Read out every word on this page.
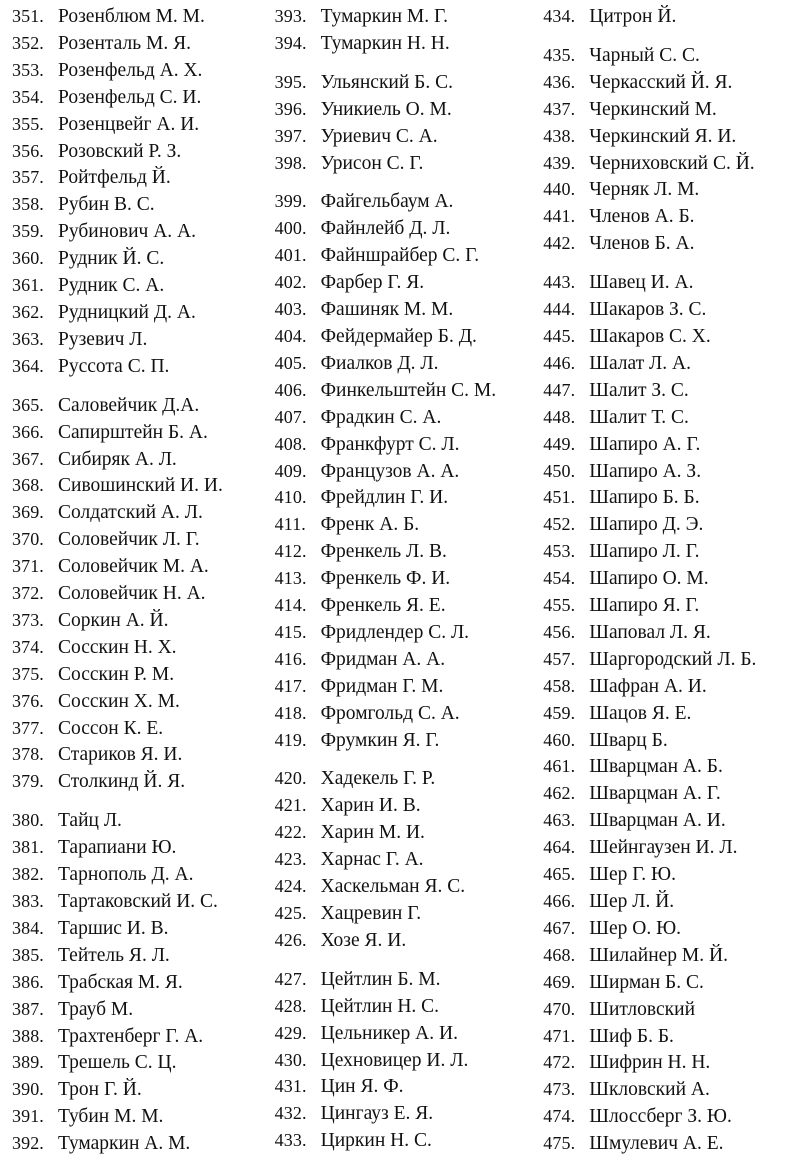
351. Розенблюм М. М.
352. Розенталь М. Я.
353. Розенфельд А. Х.
354. Розенфельд С. И.
355. Розенцвейг А. И.
356. Розовский Р. З.
357. Ройтфельд Й.
358. Рубин В. С.
359. Рубинович А. А.
360. Рудник Й. С.
361. Рудник С. А.
362. Рудницкий Д. А.
363. Рузевич Л.
364. Руссота С. П.
365. Саловейчик Д.А.
366. Сапирштейн Б. А.
367. Сибиряк А. Л.
368. Сивошинский И. И.
369. Солдатский А. Л.
370. Соловейчик Л. Г.
371. Соловейчик М. А.
372. Соловейчик Н. А.
373. Соркин А. Й.
374. Сосскин Н. Х.
375. Сосскин Р. М.
376. Сосскин Х. М.
377. Соссон К. Е.
378. Стариков Я. И.
379. Столкинд Й. Я.
380. Тайц Л.
381. Тарапиани Ю.
382. Тарнополь Д. А.
383. Тартаковский И. С.
384. Таршис И. В.
385. Тейтель Я. Л.
386. Трабская М. Я.
387. Трауб М.
388. Трахтенберг Г. А.
389. Трешель С. Ц.
390. Трон Г. Й.
391. Тубин М. М.
392. Тумаркин А. М.
393. Тумаркин М. Г.
394. Тумаркин Н. Н.
395. Ульянский Б. С.
396. Уникиель О. М.
397. Уриевич С. А.
398. Урисон С. Г.
399. Файгельбаум А.
400. Файнлейб Д. Л.
401. Файншрайбер С. Г.
402. Фарбер Г. Я.
403. Фашиняк М. М.
404. Фейдермайер Б. Д.
405. Фиалков Д. Л.
406. Финкельштейн С. М.
407. Фрадкин С. А.
408. Франкфурт С. Л.
409. Французов А. А.
410. Фрейдлин Г. И.
411. Френк А. Б.
412. Френкель Л. В.
413. Френкель Ф. И.
414. Френкель Я. Е.
415. Фридлендер С. Л.
416. Фридман А. А.
417. Фридман Г. М.
418. Фромгольд С. А.
419. Фрумкин Я. Г.
420. Хадекель Г. Р.
421. Харин И. В.
422. Харин М. И.
423. Харнас Г. А.
424. Хаскельман Я. С.
425. Хацревин Г.
426. Хозе Я. И.
427. Цейтлин Б. М.
428. Цейтлин Н. С.
429. Цельникер А. И.
430. Цехновицер И. Л.
431. Цин Я. Ф.
432. Цингауз Е. Я.
433. Циркин Н. С.
434. Цитрон Й.
435. Чарный С. С.
436. Черкасский Й. Я.
437. Черкинский М.
438. Черкинский Я. И.
439. Черниховский С. Й.
440. Черняк Л. М.
441. Членов А. Б.
442. Членов Б. А.
443. Шавец И. А.
444. Шакаров З. С.
445. Шакаров С. Х.
446. Шалат Л. А.
447. Шалит З. С.
448. Шалит Т. С.
449. Шапиро А. Г.
450. Шапиро А. З.
451. Шапиро Б. Б.
452. Шапиро Д. Э.
453. Шапиро Л. Г.
454. Шапиро О. М.
455. Шапиро Я. Г.
456. Шаповал Л. Я.
457. Шаргородский Л. Б.
458. Шафран А. И.
459. Шацов Я. Е.
460. Шварц Б.
461. Шварцман А. Б.
462. Шварцман А. Г.
463. Шварцман А. И.
464. Шейнгаузен И. Л.
465. Шер Г. Ю.
466. Шер Л. Й.
467. Шер О. Ю.
468. Шилайнер М. Й.
469. Ширман Б. С.
470. Шитловский
471. Шиф Б. Б.
472. Шифрин Н. Н.
473. Шкловский А.
474. Шлоссберг З. Ю.
475. Шмулевич А. Е.
